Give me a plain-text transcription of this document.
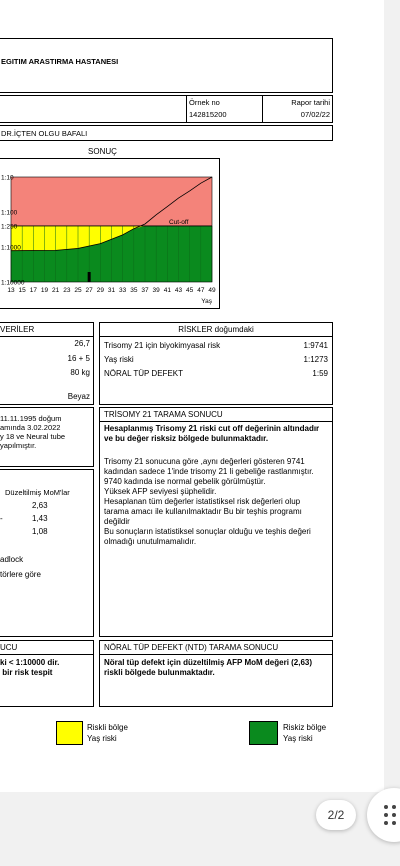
EGITIM ARASTIRMA HASTANESI
Örnek no
142815200
Rapor tarihi
07/02/22
DR.İÇTEN OLGU BAFALI
SONUÇ
1:10
1:100
1:250
1:1000
1:10000
Cut-off
13 15 17 19 21 23 25 27 29 31 33 35 37 39 41 43 45 47 49
Yaş
VERİLER
26,7
16 + 5
80 kg
Beyaz
RİSKLER doğumdaki
Trisomy 21 için biyokimyasal risk	1:9741
Yaş riski	1:1273
NÖRAL TÜP DEFEKT	1:59
11.11.1995 doğum
amında 3.02.2022
y 18 ve Neural tube
yapılmıştır.
Düzeltilmiş MoM'lar
2,63
-	1,43
1,08
adlock
törlere göre
TRİSOMY 21 TARAMA SONUCU
Hesaplanmış Trisomy 21 riski cut off değerinin altındadır ve bu değer risksiz bölgede bulunmaktadır.
Trisomy 21 sonucuna göre ,aynı değerleri gösteren 9741 kadından sadece 1'inde trisomy 21 li gebeliğe rastlanmıştır. 9740 kadında ise normal gebelik görülmüştür.
Yüksek AFP seviyesi şüphelidir.
Hesaplanan tüm değerler istatistiksel risk değerleri olup tarama amacı ile kullanılmaktadır Bu bir teşhis programı değildir
Bu sonuçların istatistiksel sonuçlar olduğu ve teşhis değeri olmadığı unutulmamalıdır.
UCU
ki < 1:10000 dir.
bir risk tespit
NÖRAL TÜP DEFEKT (NTD) TARAMA SONUCU
Nöral tüp defekt için düzeltilmiş AFP MoM değeri (2,63) riskli bölgede bulunmaktadır.
Riskli bölge
Yaş riski
Riskiz bölge
Yaş riski
2/2
